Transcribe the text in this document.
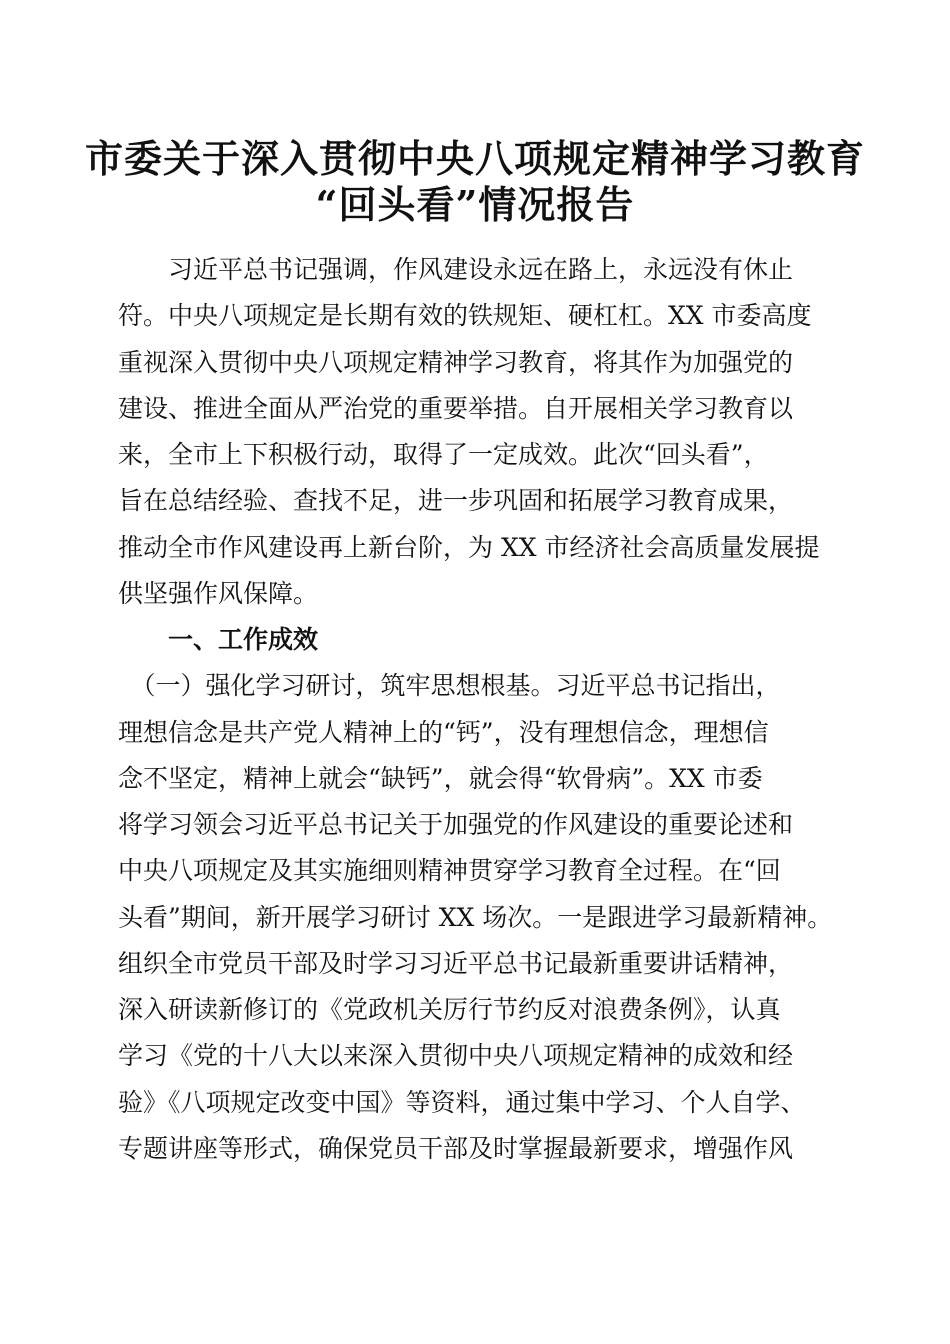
市委关于深入贯彻中央八项规定精神学习教育
“回头看”情况报告
　　习近平总书记强调，作风建设永远在路上，永远没有休止
符。中央八项规定是长期有效的铁规矩、硬杠杠。XX 市委高度
重视深入贯彻中央八项规定精神学习教育，将其作为加强党的
建设、推进全面从严治党的重要举措。自开展相关学习教育以
来，全市上下积极行动，取得了一定成效。此次“回头看”，
旨在总结经验、查找不足，进一步巩固和拓展学习教育成果，
推动全市作风建设再上新台阶，为 XX 市经济社会高质量发展提
供坚强作风保障。
一、工作成效
　（一）强化学习研讨，筑牢思想根基。习近平总书记指出，
理想信念是共产党人精神上的“钙”，没有理想信念，理想信
念不坚定，精神上就会“缺钙”，就会得“软骨病”。XX 市委
将学习领会习近平总书记关于加强党的作风建设的重要论述和
中央八项规定及其实施细则精神贯穿学习教育全过程。在“回
头看”期间，新开展学习研讨 XX 场次。一是跟进学习最新精神。
组织全市党员干部及时学习习近平总书记最新重要讲话精神，
深入研读新修订的《党政机关厉行节约反对浪费条例》，认真
学习《党的十八大以来深入贯彻中央八项规定精神的成效和经
验》《八项规定改变中国》等资料，通过集中学习、个人自学、
专题讲座等形式，确保党员干部及时掌握最新要求，增强作风
